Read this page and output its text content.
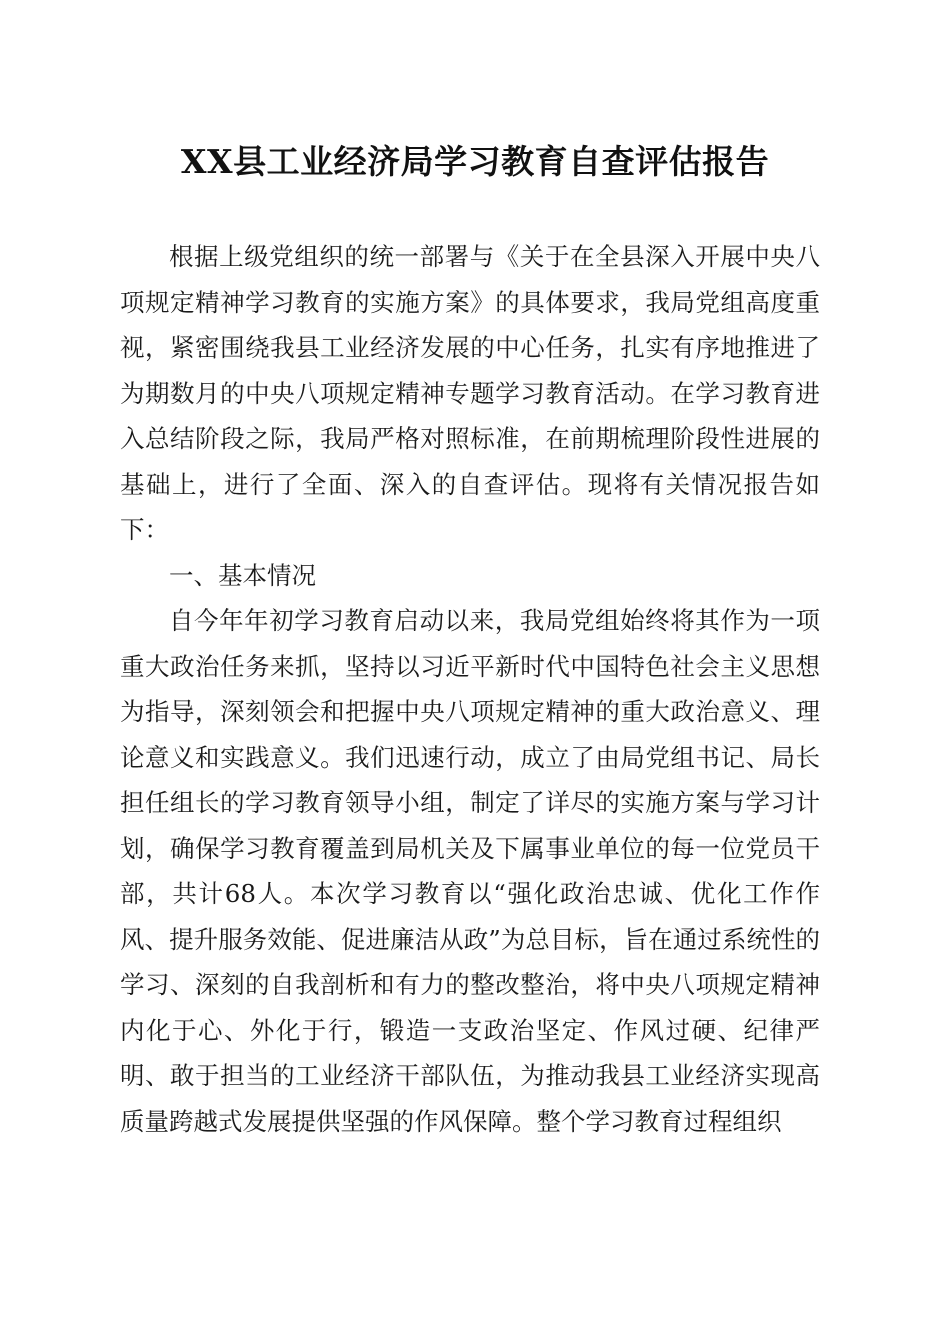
XX县工业经济局学习教育自查评估报告

根据上级党组织的统一部署与《关于在全县深入开展中央八项规定精神学习教育的实施方案》的具体要求，我局党组高度重视，紧密围绕我县工业经济发展的中心任务，扎实有序地推进了为期数月的中央八项规定精神专题学习教育活动。在学习教育进入总结阶段之际，我局严格对照标准，在前期梳理阶段性进展的基础上，进行了全面、深入的自查评估。现将有关情况报告如下：

一、基本情况

自今年年初学习教育启动以来，我局党组始终将其作为一项重大政治任务来抓，坚持以习近平新时代中国特色社会主义思想为指导，深刻领会和把握中央八项规定精神的重大政治意义、理论意义和实践意义。我们迅速行动，成立了由局党组书记、局长担任组长的学习教育领导小组，制定了详尽的实施方案与学习计划，确保学习教育覆盖到局机关及下属事业单位的每一位党员干部，共计68人。本次学习教育以“强化政治忠诚、优化工作作风、提升服务效能、促进廉洁从政”为总目标，旨在通过系统性的学习、深刻的自我剖析和有力的整改整治，将中央八项规定精神内化于心、外化于行，锻造一支政治坚定、作风过硬、纪律严明、敢于担当的工业经济干部队伍，为推动我县工业经济实现高质量跨越式发展提供坚强的作风保障。整个学习教育过程组织
